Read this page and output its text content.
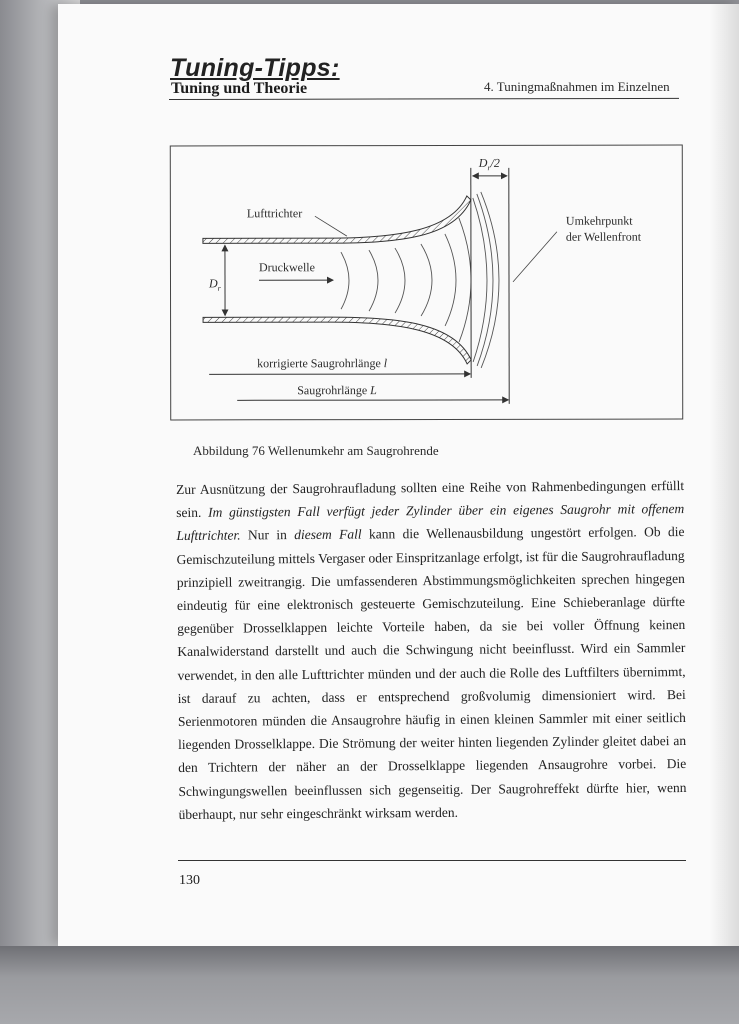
Tuning-Tipps:
Tuning und Theorie	4. Tuningmaßnahmen im Einzelnen
Lufttrichter
Druckwelle
$D_r$
$D_r/2$
Umkehrpunkt
der Wellenfront
korrigierte Saugrohrlänge l
Saugrohrlänge L
Abbildung 76 Wellenumkehr am Saugrohrende
Zur Ausnützung der Saugrohraufladung sollten eine Reihe von Rahmenbedingungen erfüllt sein. Im günstigsten Fall verfügt jeder Zylinder über ein eigenes Saugrohr mit offenem Lufttrichter. Nur in diesem Fall kann die Wellenausbildung ungestört erfolgen. Ob die Gemischzuteilung mittels Vergaser oder Einspritzanlage erfolgt, ist für die Saugrohraufladung prinzipiell zweitrangig. Die umfassenderen Abstimmungsmöglichkeiten sprechen hingegen eindeutig für eine elektronisch gesteuerte Gemischzuteilung. Eine Schieberanlage dürfte gegenüber Drosselklappen leichte Vorteile haben, da sie bei voller Öffnung keinen Kanalwiderstand darstellt und auch die Schwingung nicht beeinflusst. Wird ein Sammler verwendet, in den alle Lufttrichter münden und der auch die Rolle des Luftfilters übernimmt, ist darauf zu achten, dass er entsprechend großvolumig dimensioniert wird. Bei Serienmotoren münden die Ansaugrohre häufig in einen kleinen Sammler mit einer seitlich liegenden Drosselklappe. Die Strömung der weiter hinten liegenden Zylinder gleitet dabei an den Trichtern der näher an der Drosselklappe liegenden Ansaugrohre vorbei. Die Schwingungswellen beeinflussen sich gegenseitig. Der Saugrohreffekt dürfte hier, wenn überhaupt, nur sehr eingeschränkt wirksam werden.
130
